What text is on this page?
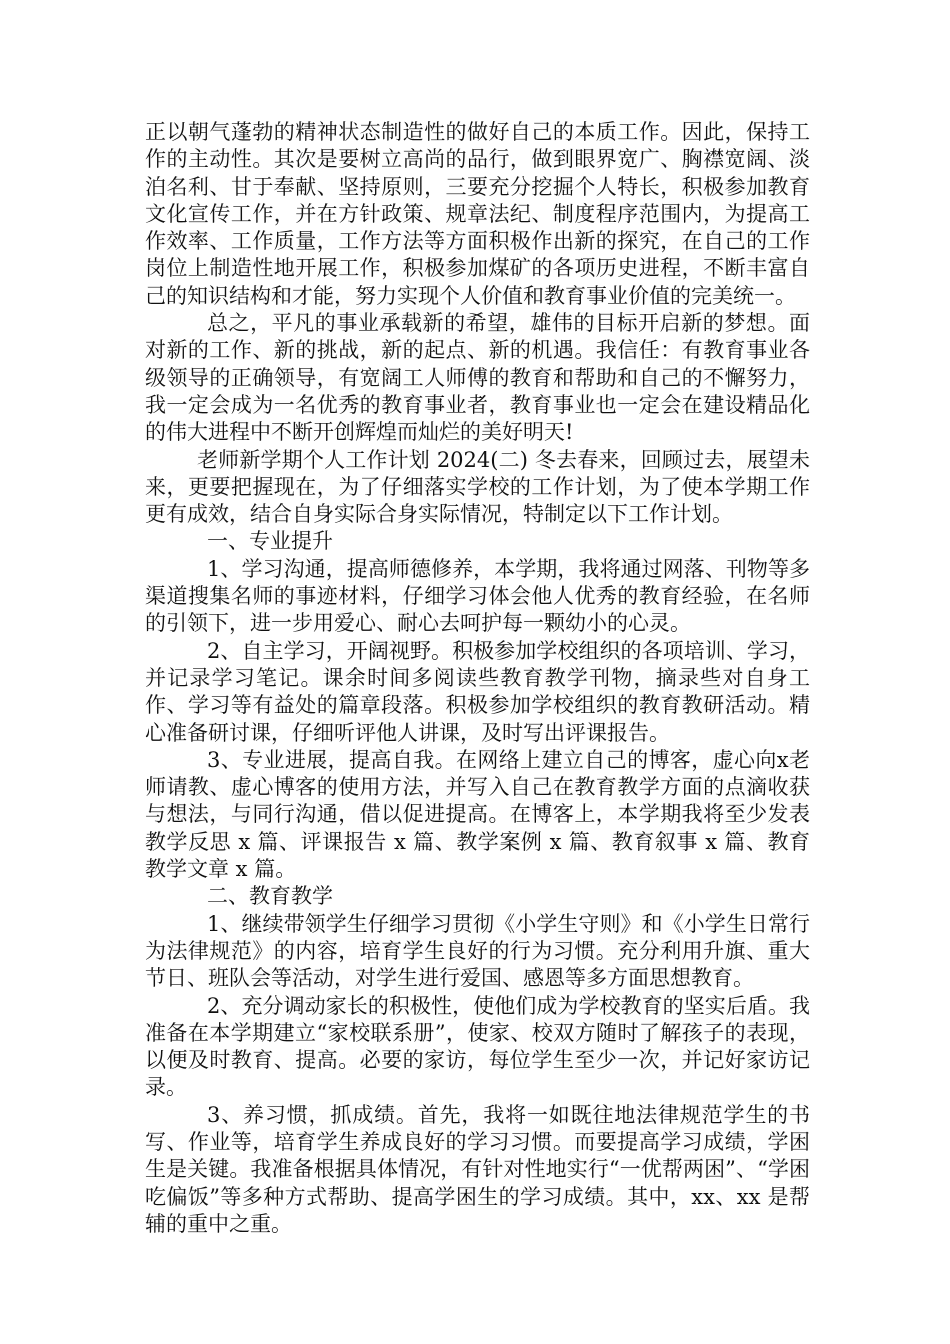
正以朝气蓬勃的精神状态制造性的做好自己的本质工作。因此，保持工作的主动性。其次是要树立高尚的品行，做到眼界宽广、胸襟宽阔、淡泊名利、甘于奉献、坚持原则，三要充分挖掘个人特长，积极参加教育文化宣传工作，并在方针政策、规章法纪、制度程序范围内，为提高工作效率、工作质量，工作方法等方面积极作出新的探究，在自己的工作岗位上制造性地开展工作，积极参加煤矿的各项历史进程，不断丰富自己的知识结构和才能，努力实现个人价值和教育事业价值的完美统一。

总之，平凡的事业承载新的希望，雄伟的目标开启新的梦想。面对新的工作、新的挑战，新的起点、新的机遇。我信任：有教育事业各级领导的正确领导，有宽阔工人师傅的教育和帮助和自己的不懈努力，我一定会成为一名优秀的教育事业者，教育事业也一定会在建设精品化的伟大进程中不断开创辉煌而灿烂的美好明天!

老师新学期个人工作计划 2024(二) 冬去春来，回顾过去，展望未来，更要把握现在，为了仔细落实学校的工作计划，为了使本学期工作更有成效，结合自身实际合身实际情况，特制定以下工作计划。

一、专业提升

1、学习沟通，提高师德修养，本学期，我将通过网落、刊物等多渠道搜集名师的事迹材料，仔细学习体会他人优秀的教育经验，在名师的引领下，进一步用爱心、耐心去呵护每一颗幼小的心灵。

2、自主学习，开阔视野。积极参加学校组织的各项培训、学习，并记录学习笔记。课余时间多阅读些教育教学刊物，摘录些对自身工作、学习等有益处的篇章段落。积极参加学校组织的教育教研活动。精心准备研讨课，仔细听评他人讲课，及时写出评课报告。

3、专业进展，提高自我。在网络上建立自己的博客，虚心向x老师请教、虚心博客的使用方法，并写入自己在教育教学方面的点滴收获与想法，与同行沟通，借以促进提高。在博客上，本学期我将至少发表教学反思 x 篇、评课报告 x 篇、教学案例 x 篇、教育叙事 x 篇、教育教学文章 x 篇。

二、教育教学

1、继续带领学生仔细学习贯彻《小学生守则》和《小学生日常行为法律规范》的内容，培育学生良好的行为习惯。充分利用升旗、重大节日、班队会等活动，对学生进行爱国、感恩等多方面思想教育。

2、充分调动家长的积极性，使他们成为学校教育的坚实后盾。我准备在本学期建立“家校联系册”，使家、校双方随时了解孩子的表现，以便及时教育、提高。必要的家访，每位学生至少一次，并记好家访记录。

3、养习惯，抓成绩。首先，我将一如既往地法律规范学生的书写、作业等，培育学生养成良好的学习习惯。而要提高学习成绩，学困生是关键。我准备根据具体情况，有针对性地实行“一优帮两困”、“学困吃偏饭”等多种方式帮助、提高学困生的学习成绩。其中，xx、xx 是帮辅的重中之重。
